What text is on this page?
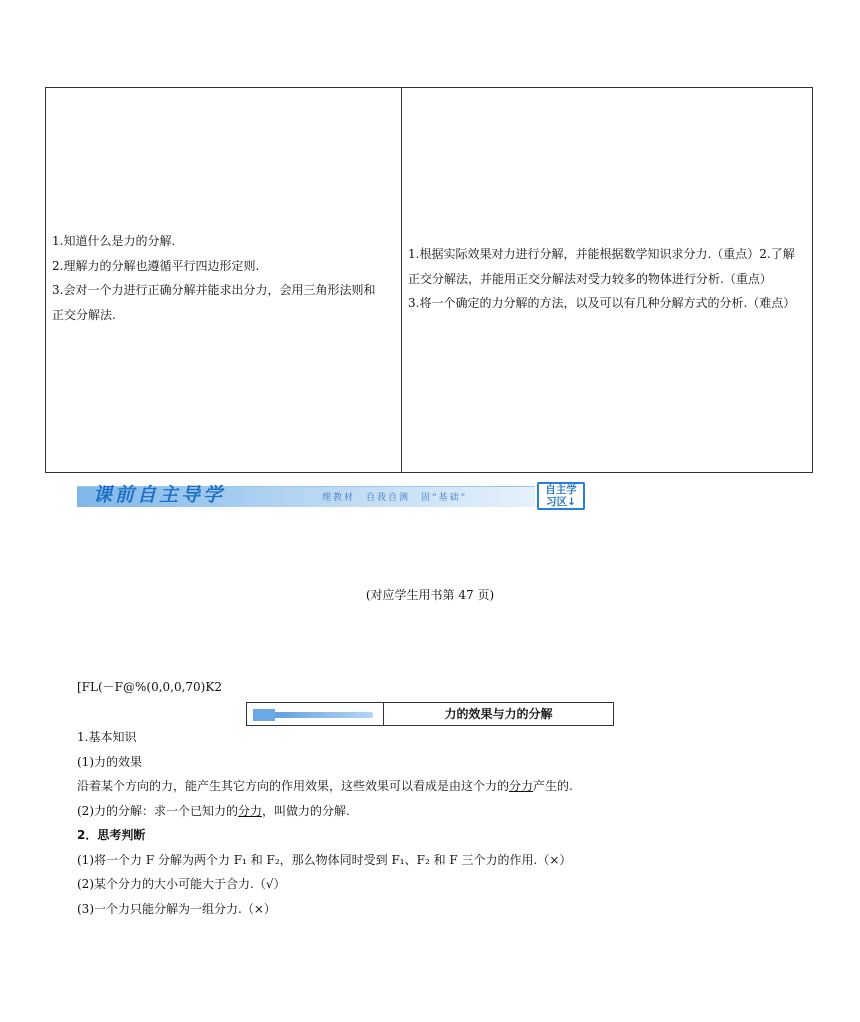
1.知道什么是力的分解.
2.理解力的分解也遵循平行四边形定则.
3.会对一个力进行正确分解并能求出分力，会用三角形法则和
正交分解法.
1.根据实际效果对力进行分解，并能根据数学知识求分力.（重点）2.了解
正交分解法，并能用正交分解法对受力较多的物体进行分析.（重点）
3.将一个确定的力分解的方法，以及可以有几种分解方式的分析.（难点）
课前自主导学	理教材　自我自测　固“基础”
自主学
习区↓
(对应学生用书第 47 页)
[FL(－F@%(0,0,0,70)K2
力的效果与力的分解
1.基本知识
(1)力的效果
沿着某个方向的力，能产生其它方向的作用效果，这些效果可以看成是由这个力的分力产生的.
(2)力的分解：求一个已知力的分力，叫做力的分解.
2．思考判断
(1)将一个力 F 分解为两个力 F₁ 和 F₂，那么物体同时受到 F₁、F₂ 和 F 三个力的作用.（×）
(2)某个分力的大小可能大于合力.（√）
(3)一个力只能分解为一组分力.（×）
